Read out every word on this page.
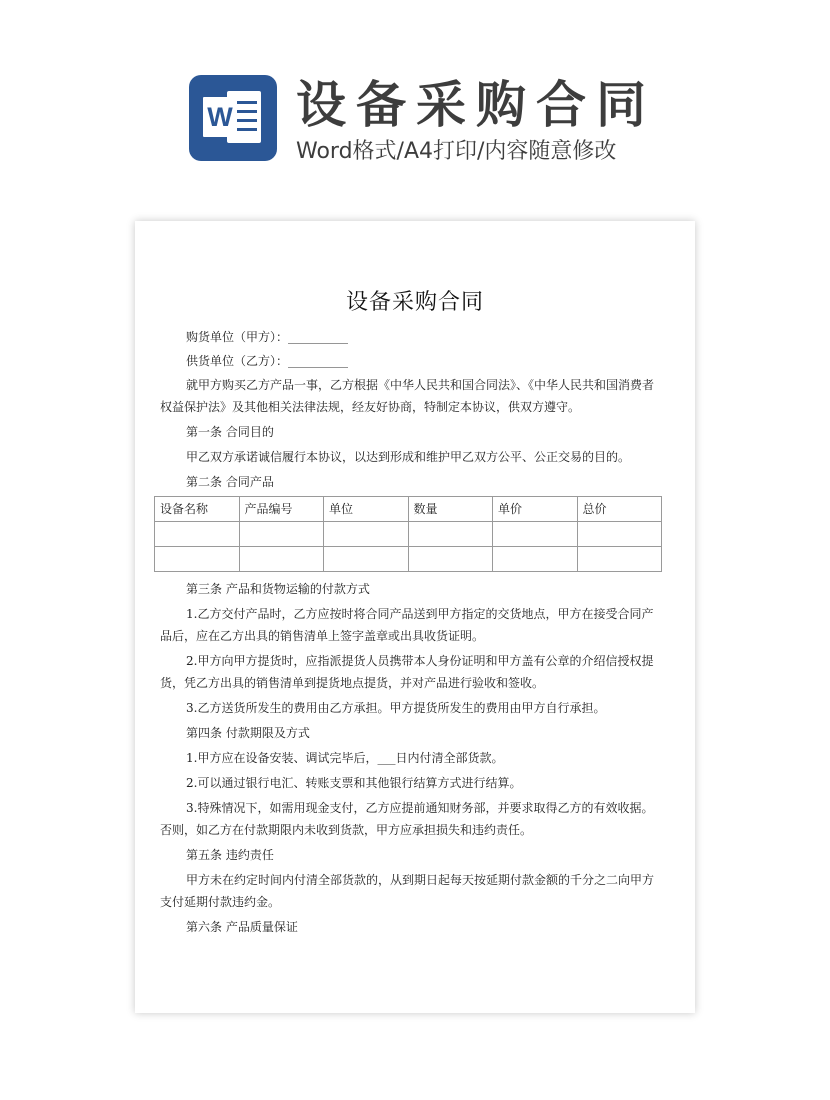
W 设备采购合同
Word格式/A4打印/内容随意修改
设备采购合同

购货单位（甲方）：__________

供货单位（乙方）：__________

就甲方购买乙方产品一事，乙方根据《中华人民共和国合同法》、《中华人民共和国消费者权益保护法》及其他相关法律法规，经友好协商，特制定本协议，供双方遵守。

第一条 合同目的

甲乙双方承诺诚信履行本协议，以达到形成和维护甲乙双方公平、公正交易的目的。

第二条 合同产品

设备名称	产品编号	单位	数量	单价	总价

第三条 产品和货物运输的付款方式

1.乙方交付产品时，乙方应按时将合同产品送到甲方指定的交货地点，甲方在接受合同产品后，应在乙方出具的销售清单上签字盖章或出具收货证明。

2.甲方向甲方提货时，应指派提货人员携带本人身份证明和甲方盖有公章的介绍信授权提货，凭乙方出具的销售清单到提货地点提货，并对产品进行验收和签收。

3.乙方送货所发生的费用由乙方承担。甲方提货所发生的费用由甲方自行承担。

第四条 付款期限及方式

1.甲方应在设备安装、调试完毕后，___日内付清全部货款。

2.可以通过银行电汇、转账支票和其他银行结算方式进行结算。

3.特殊情况下，如需用现金支付，乙方应提前通知财务部，并要求取得乙方的有效收据。否则，如乙方在付款期限内未收到货款，甲方应承担损失和违约责任。

第五条 违约责任

甲方未在约定时间内付清全部货款的，从到期日起每天按延期付款金额的千分之二向甲方支付延期付款违约金。

第六条 产品质量保证
